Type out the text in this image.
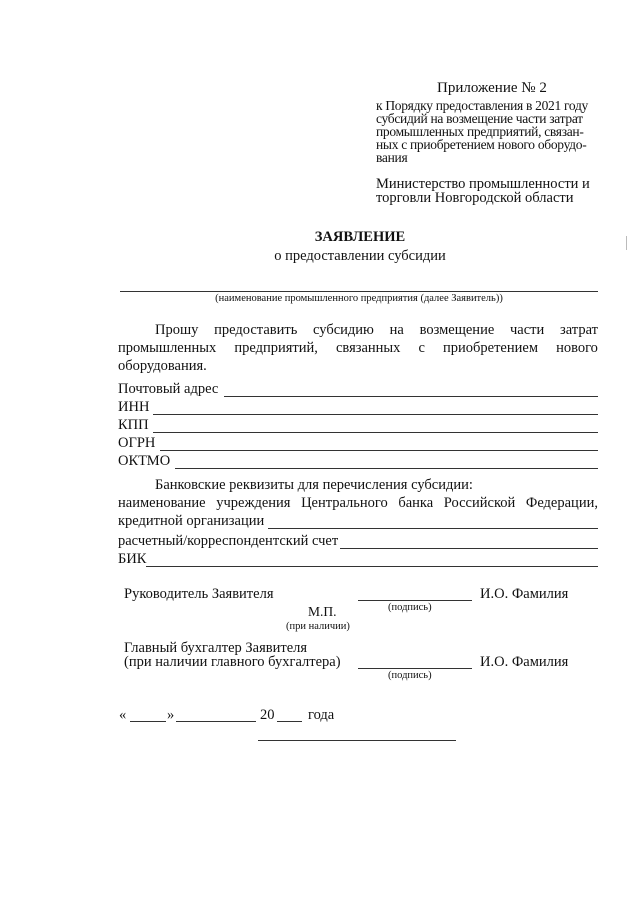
Приложение № 2
к Порядку предоставления в 2021 году
субсидий на возмещение части затрат
промышленных предприятий, связан-
ных с приобретением нового оборудо-
вания
Министерство промышленности и
торговли Новгородской области
ЗАЯВЛЕНИЕ
о предоставлении субсидии
(наименование промышленного предприятия (далее Заявитель))
Прошу предоставить субсидию на возмещение части затрат
промышленных предприятий, связанных с приобретением нового
оборудования.
Почтовый адрес
ИНН
КПП
ОГРН
ОКТМО
Банковские реквизиты для перечисления субсидии:
наименование учреждения Центрального банка Российской Федерации,
кредитной организации
расчетный/корреспондентский счет
БИК
Руководитель Заявителя	И.О. Фамилия
(подпись)
М.П.
(при наличии)
Главный бухгалтер Заявителя
(при наличии главного бухгалтера)	И.О. Фамилия
(подпись)
«	»	20 года
